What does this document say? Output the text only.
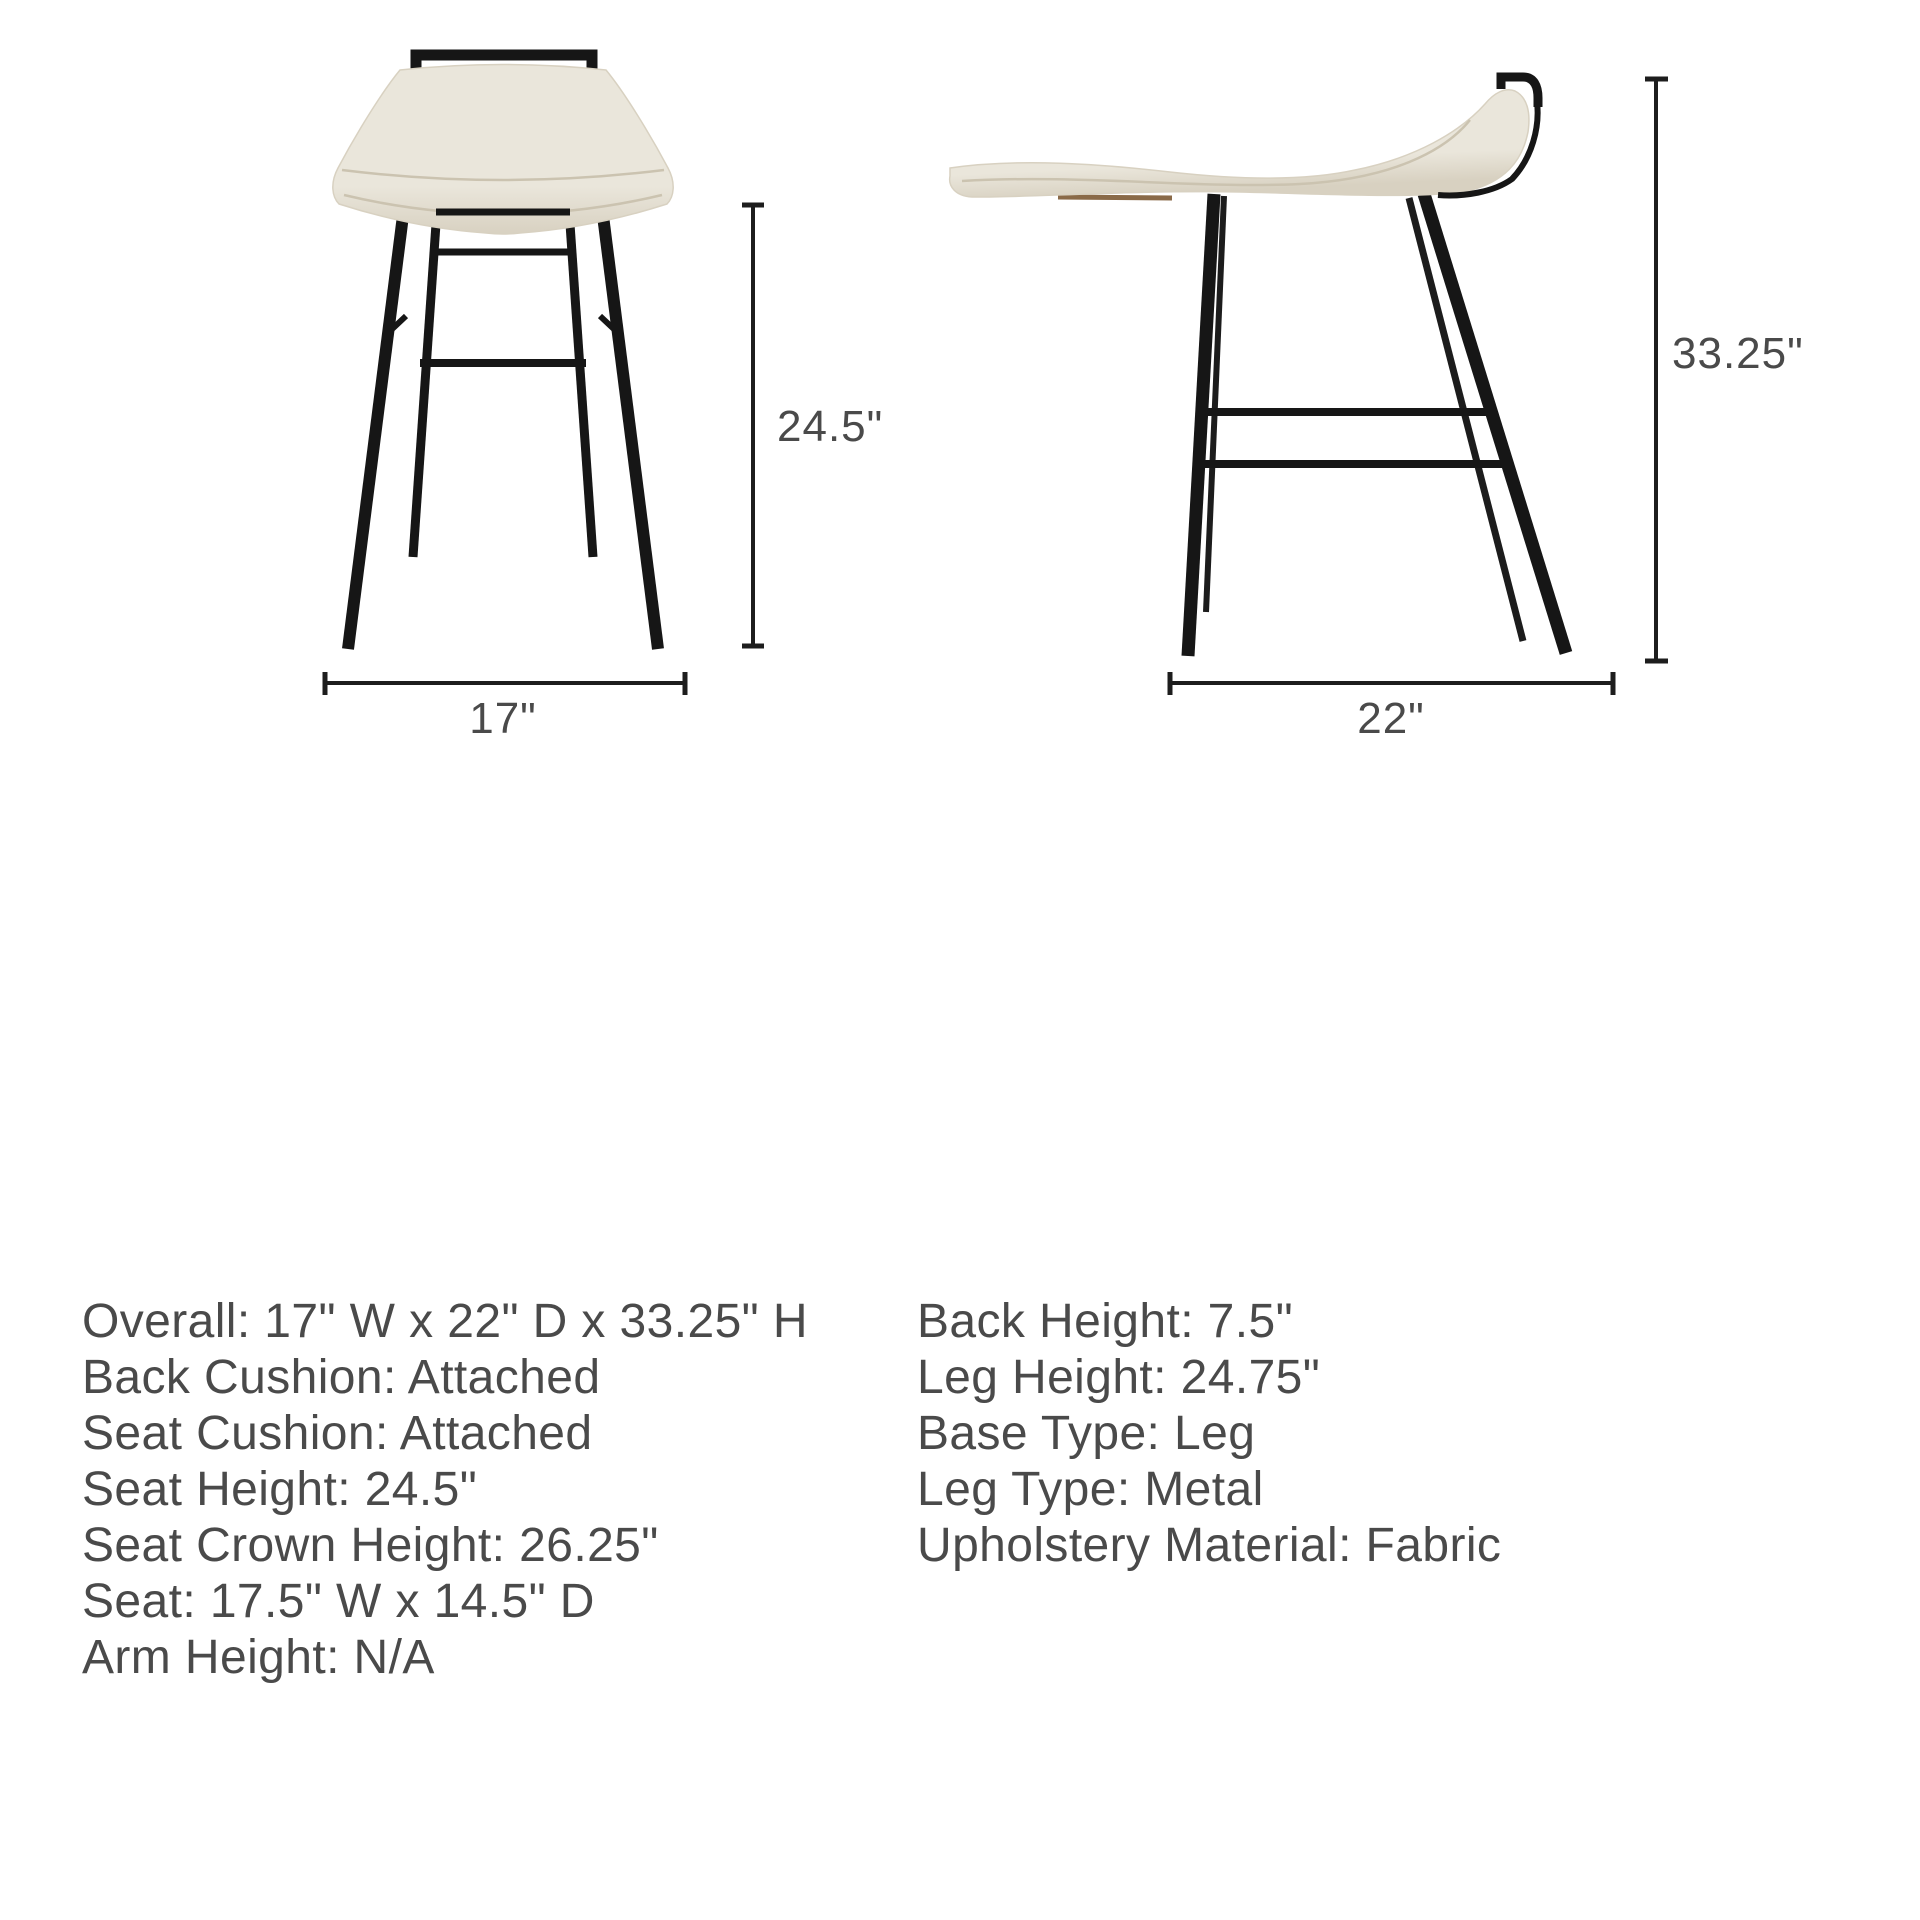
24.5"
17"
33.25"
22"
Overall: 17" W x 22" D x 33.25" H
Back Cushion: Attached
Seat Cushion: Attached
Seat Height: 24.5"
Seat Crown Height: 26.25"
Seat: 17.5" W x 14.5" D
Arm Height: N/A
Back Height: 7.5"
Leg Height: 24.75"
Base Type: Leg
Leg Type: Metal
Upholstery Material: Fabric
